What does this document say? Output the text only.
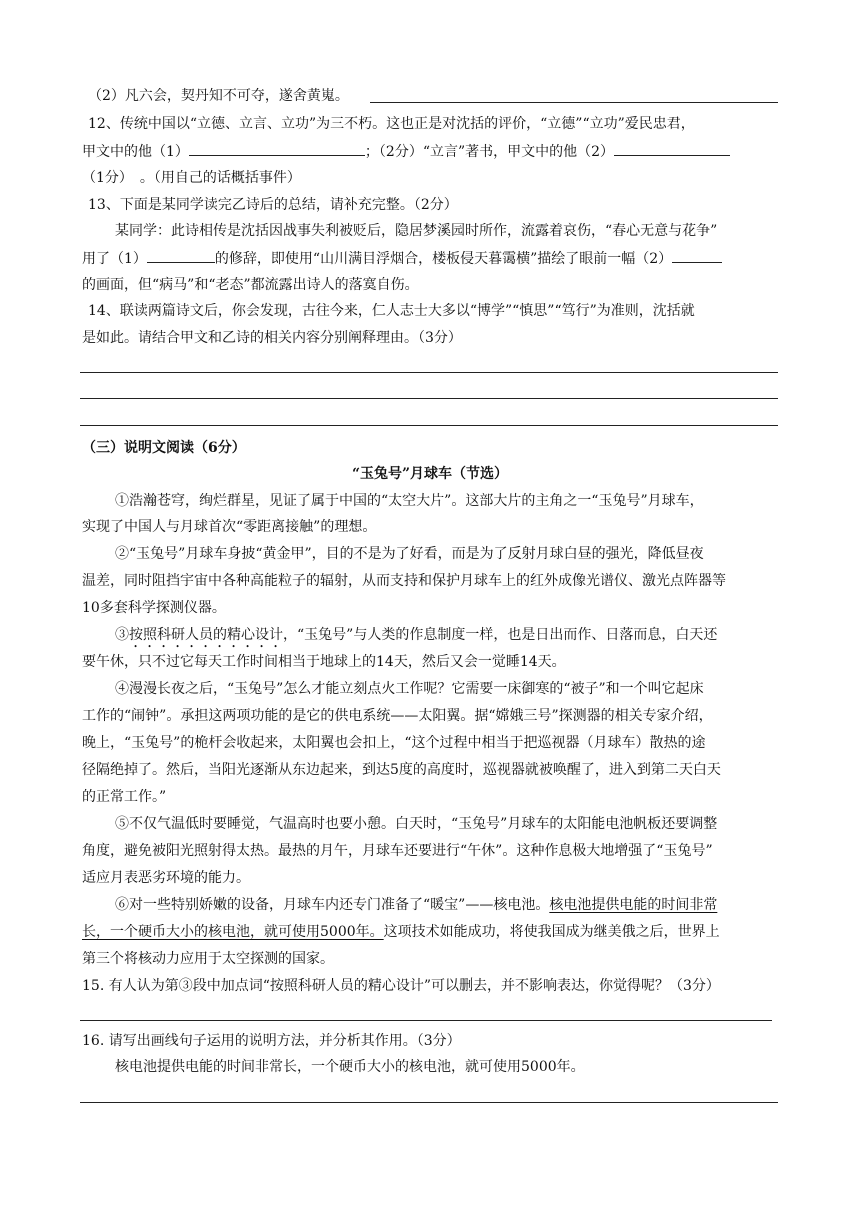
（2）凡六会，契丹知不可夺，遂舍黄嵬。
12、传统中国以“立德、立言、立功”为三不朽。这也正是对沈括的评价，“立德”“立功”爱民忠君，
甲文中的他（1）	；（2分）“立言”著书，甲文中的他（2）
（1分）　。（用自己的话概括事件）
13、下面是某同学读完乙诗后的总结，请补充完整。（2分）
某同学：此诗相传是沈括因战事失利被贬后，隐居梦溪园时所作，流露着哀伤，“春心无意与花争”
用了（1）	的修辞，即使用“山川满目浮烟合，楼板侵天暮霭横”描绘了眼前一幅（2）
的画面，但“病马”和“老态”都流露出诗人的落寞自伤。
14、联读两篇诗文后，你会发现，古往今来，仁人志士大多以“博学”“慎思”“笃行”为准则，沈括就
是如此。请结合甲文和乙诗的相关内容分别阐释理由。（3分）
（三）说明文阅读（6分）
“玉兔号”月球车（节选）
①浩瀚苍穹，绚烂群星，见证了属于中国的“太空大片”。这部大片的主角之一“玉兔号”月球车，
实现了中国人与月球首次“零距离接触”的理想。
②“玉兔号”月球车身披“黄金甲”，目的不是为了好看，而是为了反射月球白昼的强光，降低昼夜
温差，同时阻挡宇宙中各种高能粒子的辐射，从而支持和保护月球车上的红外成像光谱仪、激光点阵器等
10多套科学探测仪器。
③按照科研人员的精心设计，“玉兔号”与人类的作息制度一样，也是日出而作、日落而息，白天还
要午休，只不过它每天工作时间相当于地球上的14天，然后又会一觉睡14天。
④漫漫长夜之后，“玉兔号”怎么才能立刻点火工作呢？它需要一床御寒的“被子”和一个叫它起床
工作的“闹钟”。承担这两项功能的是它的供电系统——太阳翼。据“嫦娥三号”探测器的相关专家介绍，
晚上，“玉兔号”的桅杆会收起来，太阳翼也会扣上，“这个过程中相当于把巡视器（月球车）散热的途
径隔绝掉了。然后，当阳光逐渐从东边起来，到达5度的高度时，巡视器就被唤醒了，进入到第二天白天
的正常工作。”
⑤不仅气温低时要睡觉，气温高时也要小憩。白天时，“玉兔号”月球车的太阳能电池帆板还要调整
角度，避免被阳光照射得太热。最热的月午，月球车还要进行“午休”。这种作息极大地增强了“玉兔号”
适应月表恶劣环境的能力。
⑥对一些特别娇嫩的设备，月球车内还专门准备了“暖宝”——核电池。核电池提供电能的时间非常
长，一个硬币大小的核电池，就可使用5000年。这项技术如能成功，将使我国成为继美俄之后，世界上
第三个将核动力应用于太空探测的国家。
15. 有人认为第③段中加点词“按照科研人员的精心设计”可以删去，并不影响表达，你觉得呢？（3分）
16. 请写出画线句子运用的说明方法，并分析其作用。（3分）
核电池提供电能的时间非常长，一个硬币大小的核电池，就可使用5000年。
